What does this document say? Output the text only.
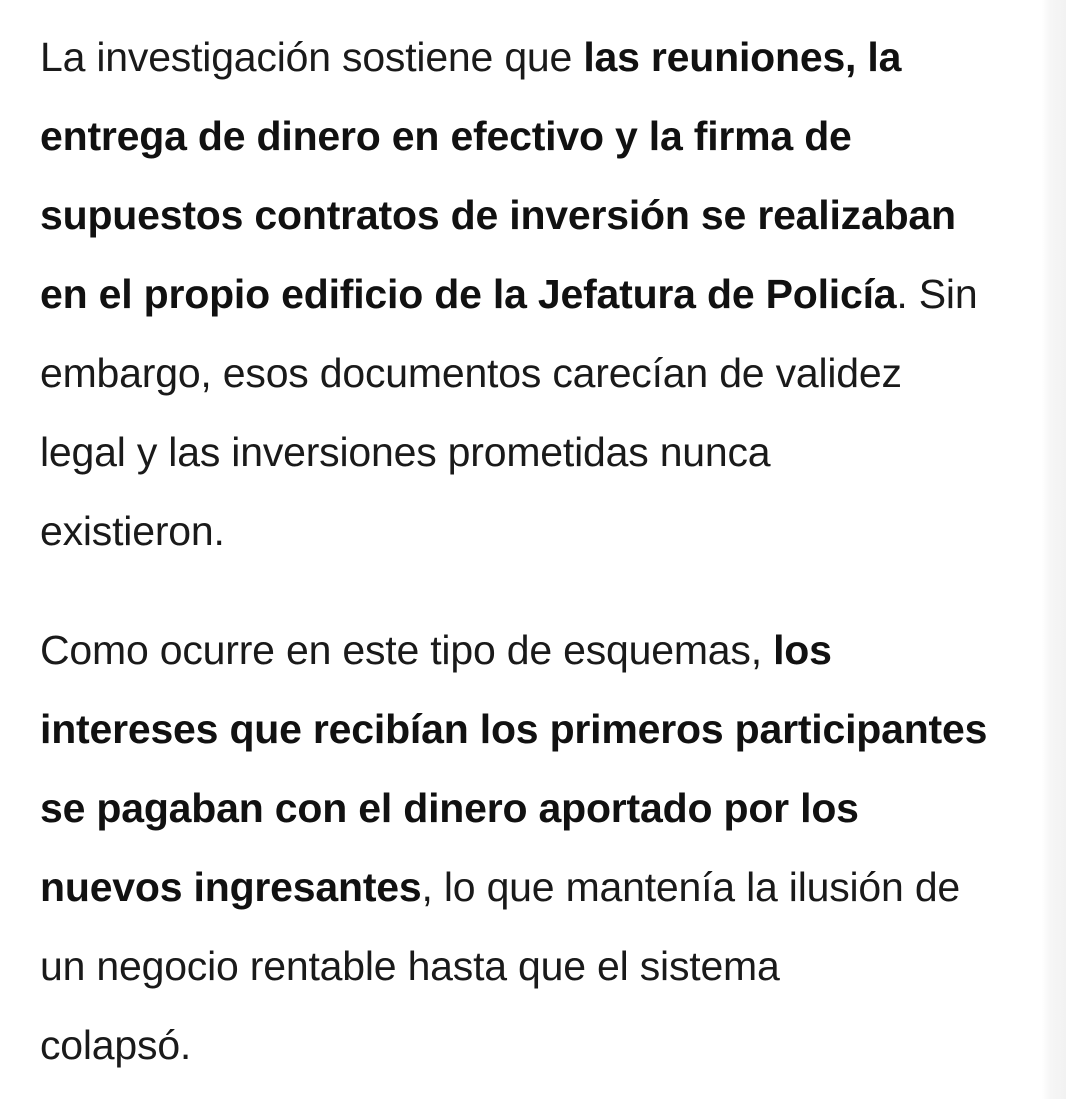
La investigación sostiene que las reuniones, la
entrega de dinero en efectivo y la firma de
supuestos contratos de inversión se realizaban
en el propio edificio de la Jefatura de Policía. Sin
embargo, esos documentos carecían de validez
legal y las inversiones prometidas nunca
existieron.

Como ocurre en este tipo de esquemas, los
intereses que recibían los primeros participantes
se pagaban con el dinero aportado por los
nuevos ingresantes, lo que mantenía la ilusión de
un negocio rentable hasta que el sistema
colapsó.
